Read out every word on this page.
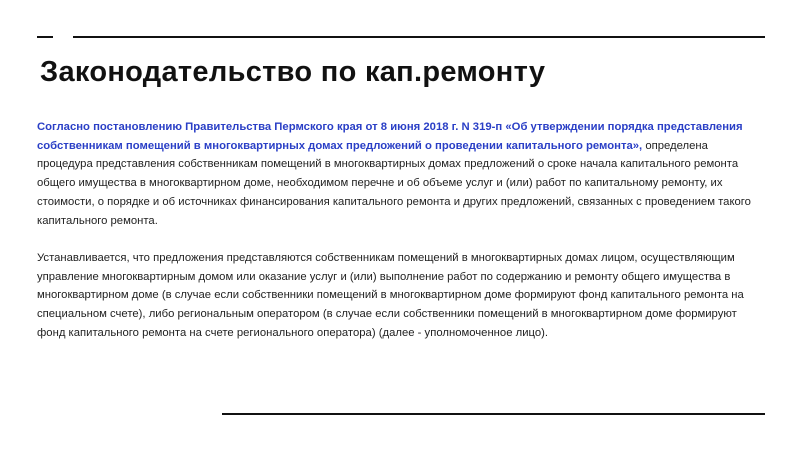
Законодательство по кап.ремонту

Согласно постановлению Правительства Пермского края от 8 июня 2018 г. N 319-п «Об утверждении порядка представления собственникам помещений в многоквартирных домах предложений о проведении капитального ремонта», определена процедура представления собственникам помещений в многоквартирных домах предложений о сроке начала капитального ремонта общего имущества в многоквартирном доме, необходимом перечне и об объеме услуг и (или) работ по капитальному ремонту, их стоимости, о порядке и об источниках финансирования капитального ремонта и других предложений, связанных с проведением такого капитального ремонта.

Устанавливается, что предложения представляются собственникам помещений в многоквартирных домах лицом, осуществляющим управление многоквартирным домом или оказание услуг и (или) выполнение работ по содержанию и ремонту общего имущества в многоквартирном доме (в случае если собственники помещений в многоквартирном доме формируют фонд капитального ремонта на специальном счете), либо региональным оператором (в случае если собственники помещений в многоквартирном доме формируют фонд капитального ремонта на счете регионального оператора) (далее - уполномоченное лицо).
